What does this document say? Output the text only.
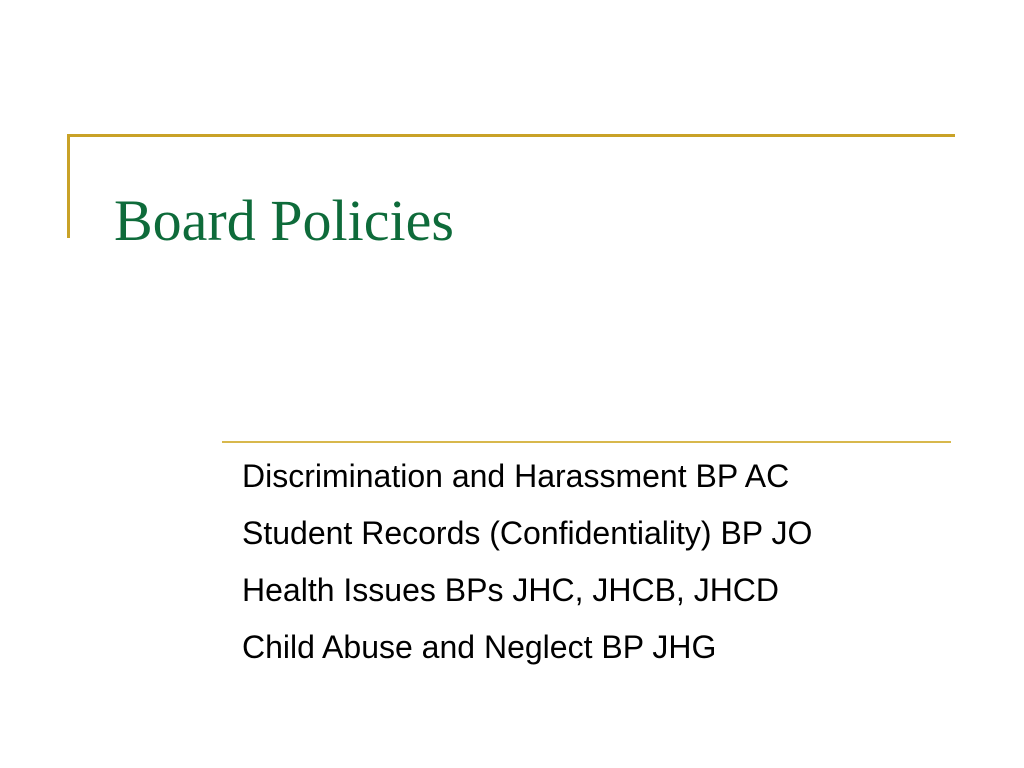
Board Policies
Discrimination and Harassment BP AC
Student Records (Confidentiality) BP JO
Health Issues BPs JHC, JHCB, JHCD
Child Abuse and Neglect BP JHG
